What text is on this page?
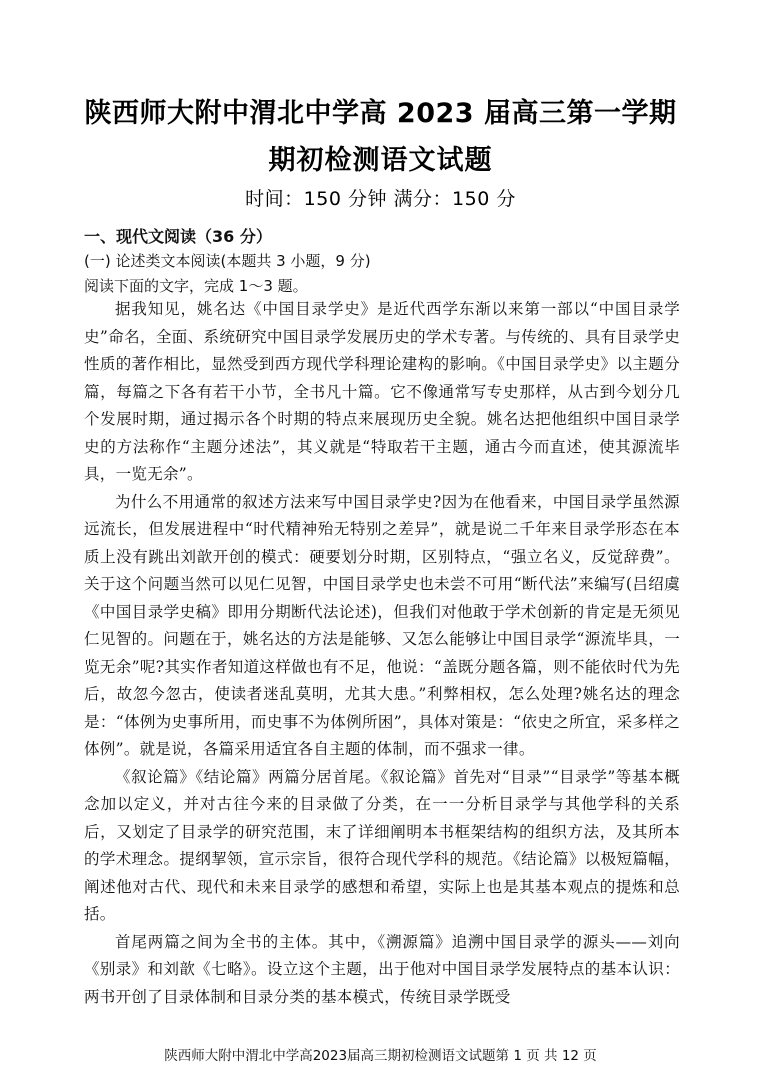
陕西师大附中渭北中学高 2023 届高三第一学期
期初检测语文试题
时间：150 分钟 满分：150 分
一、现代文阅读（36 分）
(一) 论述类文本阅读(本题共 3 小题，9 分)
阅读下面的文字，完成 1～3 题。

据我知见，姚名达《中国目录学史》是近代西学东渐以来第一部以“中国目录学史”命名，全面、系统研究中国目录学发展历史的学术专著。与传统的、具有目录学史性质的著作相比，显然受到西方现代学科理论建构的影响。《中国目录学史》以主题分篇，每篇之下各有若干小节，全书凡十篇。它不像通常写专史那样，从古到今划分几个发展时期，通过揭示各个时期的特点来展现历史全貌。姚名达把他组织中国目录学史的方法称作“主题分述法”，其义就是“特取若干主题，通古今而直述，使其源流毕具，一览无余”。

为什么不用通常的叙述方法来写中国目录学史?因为在他看来，中国目录学虽然源远流长，但发展进程中“时代精神殆无特别之差异”，就是说二千年来目录学形态在本质上没有跳出刘歆开创的模式：硬要划分时期，区别特点，“强立名义，反觉辞费”。关于这个问题当然可以见仁见智，中国目录学史也未尝不可用“断代法”来编写(吕绍虞《中国目录学史稿》即用分期断代法论述)，但我们对他敢于学术创新的肯定是无须见仁见智的。问题在于，姚名达的方法是能够、又怎么能够让中国目录学“源流毕具，一览无余”呢?其实作者知道这样做也有不足，他说：“盖既分题各篇，则不能依时代为先后，故忽今忽古，使读者迷乱莫明，尤其大患。”利弊相权，怎么处理?姚名达的理念是：“体例为史事所用，而史事不为体例所困”，具体对策是：“依史之所宜，采多样之体例”。就是说，各篇采用适宜各自主题的体制，而不强求一律。

《叙论篇》《结论篇》两篇分居首尾。《叙论篇》首先对“目录”“目录学”等基本概念加以定义，并对古往今来的目录做了分类，在一一分析目录学与其他学科的关系后，又划定了目录学的研究范围，末了详细阐明本书框架结构的组织方法，及其所本的学术理念。提纲挈领，宣示宗旨，很符合现代学科的规范。《结论篇》以极短篇幅，阐述他对古代、现代和未来目录学的感想和希望，实际上也是其基本观点的提炼和总括。

首尾两篇之间为全书的主体。其中，《溯源篇》追溯中国目录学的源头——刘向《别录》和刘歆《七略》。设立这个主题，出于他对中国目录学发展特点的基本认识：两书开创了目录体制和目录分类的基本模式，传统目录学既受

陕西师大附中渭北中学高2023届高三期初检测语文试题第 1 页 共 12 页
